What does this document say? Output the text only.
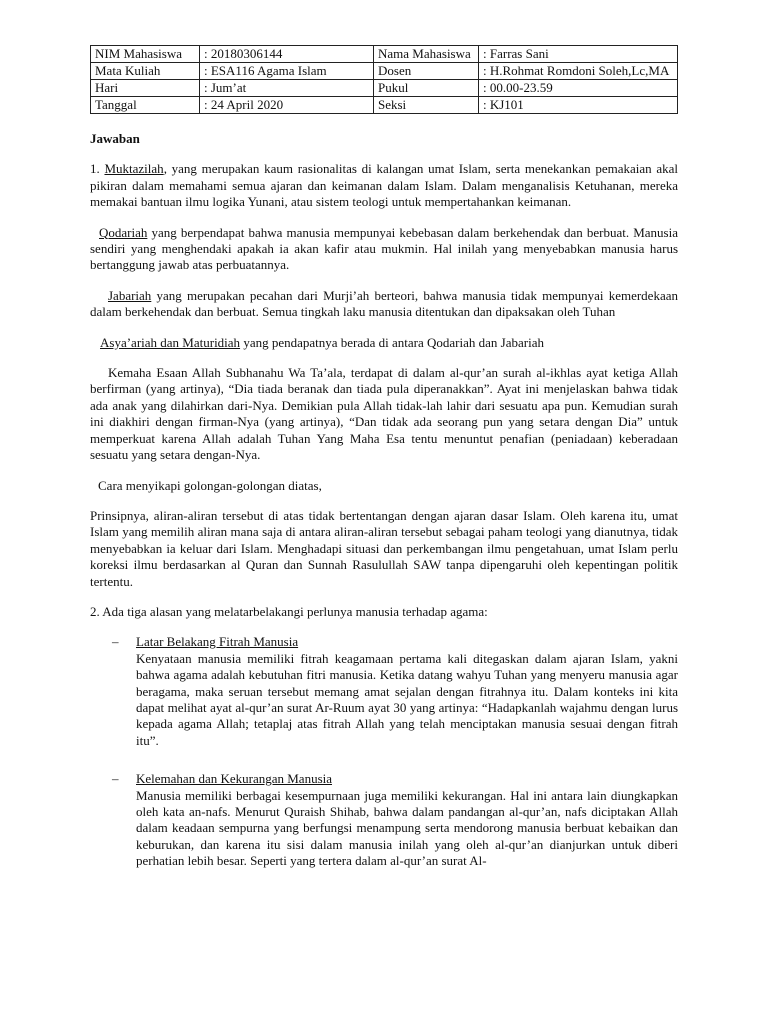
NIM Mahasiswa	: 20180306144	Nama Mahasiswa	: Farras Sani
Mata Kuliah	: ESA116 Agama Islam	Dosen	: H.Rohmat Romdoni Soleh,Lc,MA
Hari	: Jum’at	Pukul	: 00.00-23.59
Tanggal	: 24 April 2020	Seksi	: KJ101

Jawaban

1. Muktazilah, yang merupakan kaum rasionalitas di kalangan umat Islam, serta menekankan pemakaian akal pikiran dalam memahami semua ajaran dan keimanan dalam Islam. Dalam menganalisis Ketuhanan, mereka memakai bantuan ilmu logika Yunani, atau sistem teologi untuk mempertahankan keimanan.

Qodariah yang berpendapat bahwa manusia mempunyai kebebasan dalam berkehendak dan berbuat. Manusia sendiri yang menghendaki apakah ia akan kafir atau mukmin. Hal inilah yang menyebabkan manusia harus bertanggung jawab atas perbuatannya.

Jabariah yang merupakan pecahan dari Murji’ah berteori, bahwa manusia tidak mempunyai kemerdekaan dalam berkehendak dan berbuat. Semua tingkah laku manusia ditentukan dan dipaksakan oleh Tuhan

Asya’ariah dan Maturidiah yang pendapatnya berada di antara Qodariah dan Jabariah

Kemaha Esaan Allah Subhanahu Wa Ta’ala, terdapat di dalam al-qur’an surah al-ikhlas ayat ketiga Allah berfirman (yang artinya), “Dia tiada beranak dan tiada pula diperanakkan”. Ayat ini menjelaskan bahwa tidak ada anak yang dilahirkan dari-Nya. Demikian pula Allah tidak-lah lahir dari sesuatu apa pun. Kemudian surah ini diakhiri dengan firman-Nya (yang artinya), “Dan tidak ada seorang pun yang setara dengan Dia” untuk memperkuat karena Allah adalah Tuhan Yang Maha Esa tentu menuntut penafian (peniadaan) keberadaan sesuatu yang setara dengan-Nya.

Cara menyikapi golongan-golongan diatas,

Prinsipnya, aliran-aliran tersebut di atas tidak bertentangan dengan ajaran dasar Islam. Oleh karena itu, umat Islam yang memilih aliran mana saja di antara aliran-aliran tersebut sebagai paham teologi yang dianutnya, tidak menyebabkan ia keluar dari Islam. Menghadapi situasi dan perkembangan ilmu pengetahuan, umat Islam perlu koreksi ilmu berdasarkan al Quran dan Sunnah Rasulullah SAW tanpa dipengaruhi oleh kepentingan politik tertentu.

2. Ada tiga alasan yang melatarbelakangi perlunya manusia terhadap agama:

– Latar Belakang Fitrah Manusia

Kenyataan manusia memiliki fitrah keagamaan pertama kali ditegaskan dalam ajaran Islam, yakni bahwa agama adalah kebutuhan fitri manusia. Ketika datang wahyu Tuhan yang menyeru manusia agar beragama, maka seruan tersebut memang amat sejalan dengan fitrahnya itu. Dalam konteks ini kita dapat melihat ayat al-qur’an surat Ar-Ruum ayat 30 yang artinya: “Hadapkanlah wajahmu dengan lurus kepada agama Allah; tetaplaj atas fitrah Allah yang telah menciptakan manusia sesuai dengan fitrah itu”.

– Kelemahan dan Kekurangan Manusia

Manusia memiliki berbagai kesempurnaan juga memiliki kekurangan. Hal ini antara lain diungkapkan oleh kata an-nafs. Menurut Quraish Shihab, bahwa dalam pandangan al-qur’an, nafs diciptakan Allah dalam keadaan sempurna yang berfungsi menampung serta mendorong manusia berbuat kebaikan dan keburukan, dan karena itu sisi dalam manusia inilah yang oleh al-qur’an dianjurkan untuk diberi perhatian lebih besar. Seperti yang tertera dalam al-qur’an surat Al-
